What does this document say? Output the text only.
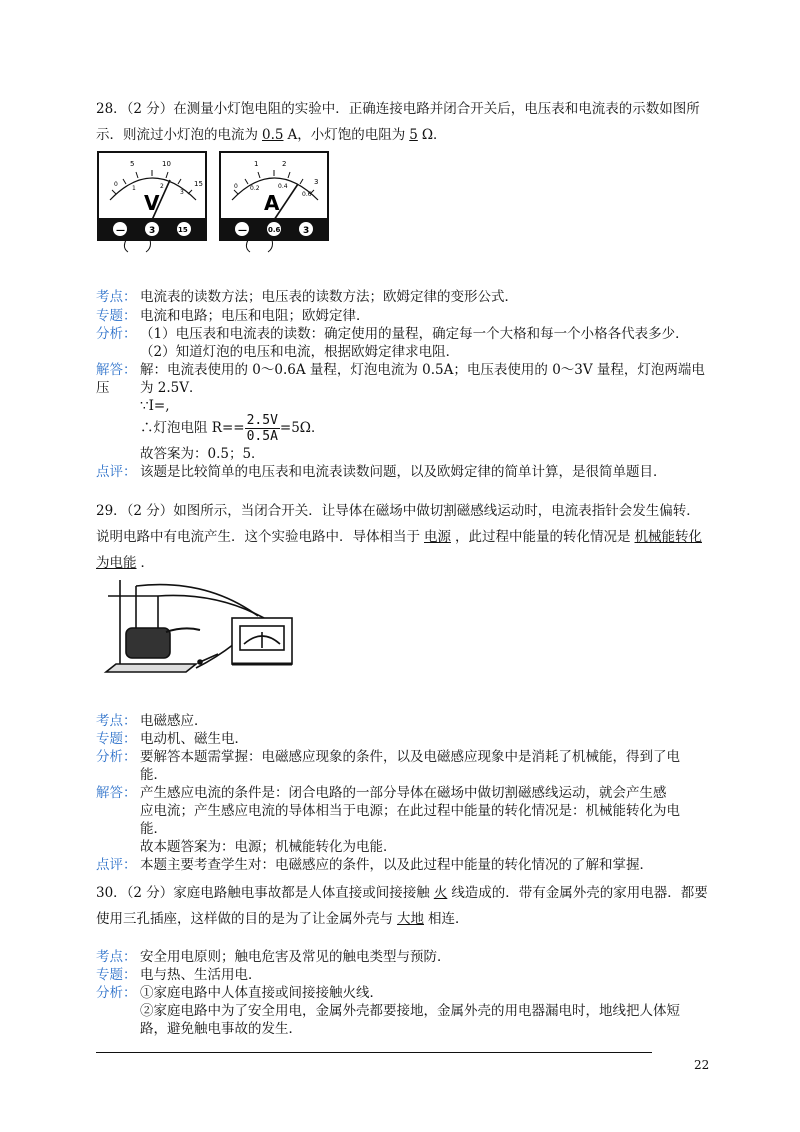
28．（2 分）在测量小灯饱电阻的实验中．正确连接电路并闭合开关后，电压表和电流表的示数如图所示．则流过小灯泡的电流为 0.5 A，小灯饱的电阻为 5 Ω．
5	10
15
0
1	2
3
V
—	3	15
1	2
3
0 0.2	0.4
0.6
A
—	0.6	3
考点： 电流表的读数方法；电压表的读数方法；欧姆定律的变形公式．
专题： 电流和电路；电压和电阻；欧姆定律．
分析： （1）电压表和电流表的读数：确定使用的量程，确定每一个大格和每一个小格各代表多少．
（2）知道灯泡的电压和电流，根据欧姆定律求电阻．
解答： 解：电流表使用的 0～0.6A 量程，灯泡电流为 0.5A；电压表使用的 0～3V 量程，灯泡两端电压	为 2.5V．
∵I=,
∴灯泡电阻 $R== \frac{2.5V}{0.5A} =5\Omega$．
故答案为：0.5；5．
点评： 该题是比较简单的电压表和电流表读数问题，以及欧姆定律的简单计算，是很简单题目．
29．（2 分）如图所示，当闭合开关．让导体在磁场中做切割磁感线运动时，电流表指针会发生偏转．说明电路中有电流产生．这个实验电路中．导体相当于 电源 ，此过程中能量的转化情况是 机械能转化为电能 ．
考点： 电磁感应．
专题： 电动机、磁生电．
分析： 要解答本题需掌握：电磁感应现象的条件，以及电磁感应现象中是消耗了机械能，得到了电
能．
解答： 产生感应电流的条件是：闭合电路的一部分导体在磁场中做切割磁感线运动，就会产生感
应电流；产生感应电流的导体相当于电源；在此过程中能量的转化情况是：机械能转化为电
能．
故本题答案为：电源；机械能转化为电能．
点评： 本题主要考查学生对：电磁感应的条件，以及此过程中能量的转化情况的了解和掌握．
30．（2 分）家庭电路触电事故都是人体直接或间接接触 火 线造成的．带有金属外壳的家用电器．都要使用三孔插座，这样做的目的是为了让金属外壳与 大地 相连．
考点： 安全用电原则；触电危害及常见的触电类型与预防．
专题： 电与热、生活用电．
分析： ①家庭电路中人体直接或间接接触火线．
②家庭电路中为了安全用电，金属外壳都要接地，金属外壳的用电器漏电时，地线把人体短
路，避免触电事故的发生．
22
